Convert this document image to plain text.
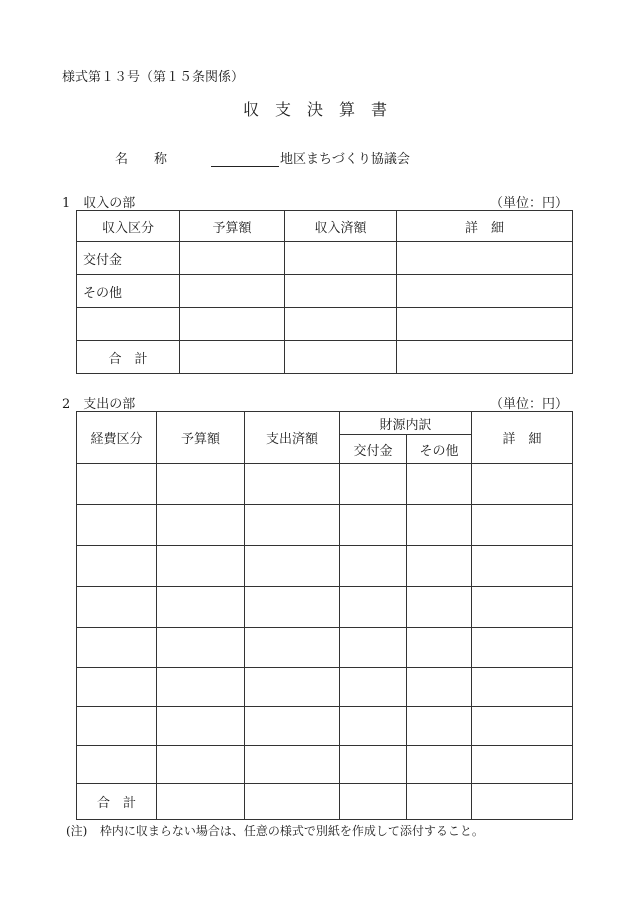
様式第１３号（第１５条関係）
収　支　決　算　書
名　　称	地区まちづくり協議会
1　収入の部	（単位：円）
収入区分	予算額	収入済額	詳　細
交付金			
その他			

合　計			
2　支出の部	（単位：円）
経費区分	予算額	支出済額	財源内訳		詳　細
			交付金	その他	

合　計					
(注) 枠内に収まらない場合は、任意の様式で別紙を作成して添付すること。
